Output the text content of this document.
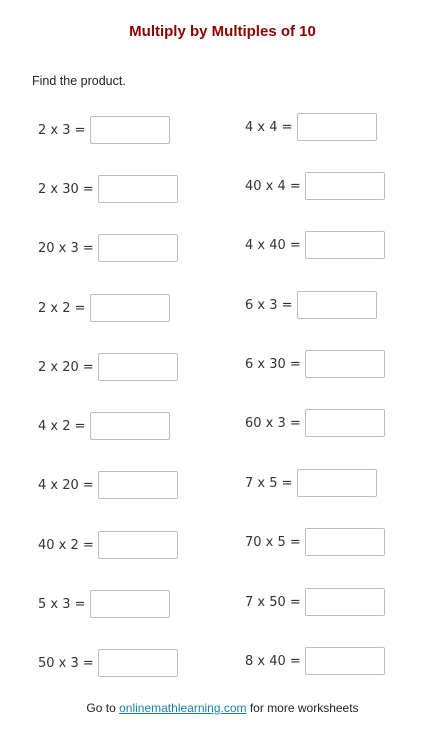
Multiply by Multiples of 10
Find the product.
2 x 3 =
2 x 30 =
20 x 3 =
2 x 2 =
2 x 20 =
4 x 2 =
4 x 20 =
40 x 2 =
5 x 3 =
50 x 3 =
4 x 4 =
40 x 4 =
4 x 40 =
6 x 3 =
6 x 30 =
60 x 3 =
7 x 5 =
70 x 5 =
7 x 50 =
8 x 40 =
Go to onlinemathlearning.com for more worksheets
